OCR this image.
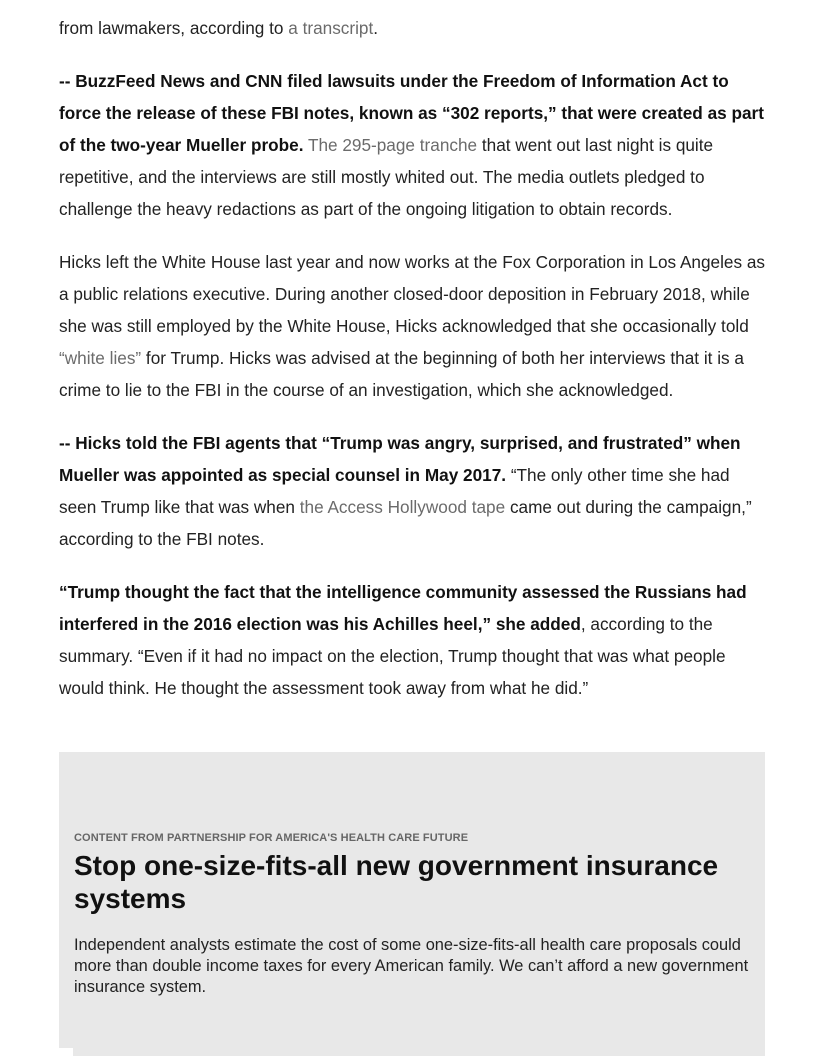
from lawmakers, according to a transcript.

-- BuzzFeed News and CNN filed lawsuits under the Freedom of Information Act to force the release of these FBI notes, known as “302 reports,” that were created as part of the two-year Mueller probe. The 295-page tranche that went out last night is quite repetitive, and the interviews are still mostly whited out. The media outlets pledged to challenge the heavy redactions as part of the ongoing litigation to obtain records.

Hicks left the White House last year and now works at the Fox Corporation in Los Angeles as a public relations executive. During another closed-door deposition in February 2018, while she was still employed by the White House, Hicks acknowledged that she occasionally told “white lies” for Trump. Hicks was advised at the beginning of both her interviews that it is a crime to lie to the FBI in the course of an investigation, which she acknowledged.

-- Hicks told the FBI agents that “Trump was angry, surprised, and frustrated” when Mueller was appointed as special counsel in May 2017. “The only other time she had seen Trump like that was when the Access Hollywood tape came out during the campaign,” according to the FBI notes.

“Trump thought the fact that the intelligence community assessed the Russians had interfered in the 2016 election was his Achilles heel,” she added, according to the summary. “Even if it had no impact on the election, Trump thought that was what people would think. He thought the assessment took away from what he did.”

CONTENT FROM PARTNERSHIP FOR AMERICA'S HEALTH CARE FUTURE
Stop one-size-fits-all new government insurance systems

Independent analysts estimate the cost of some one-size-fits-all health care proposals could more than double income taxes for every American family. We can’t afford a new government insurance system.
